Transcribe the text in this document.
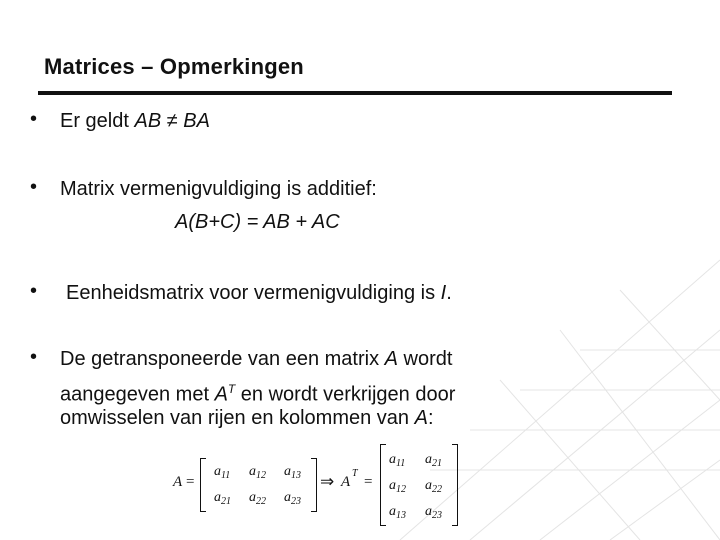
Matrices – Opmerkingen
• Er geldt AB ≠ BA
• Matrix vermenigvuldiging is additief:
A(B+C) = AB + AC
• Eenheidsmatrix voor vermenigvuldiging is I.
• De getransponeerde van een matrix A wordt
aangegeven met $A^T$ en wordt verkrijgen door
omwisselen van rijen en kolommen van A:
A =
$a_{11}$ $a_{12}$ $a_{13}$
$a_{21}$ $a_{22}$ $a_{23}$
⇒ A
T
=
$a_{11}$ $a_{21}$
$a_{12}$ $a_{22}$
$a_{13}$ $a_{23}$
